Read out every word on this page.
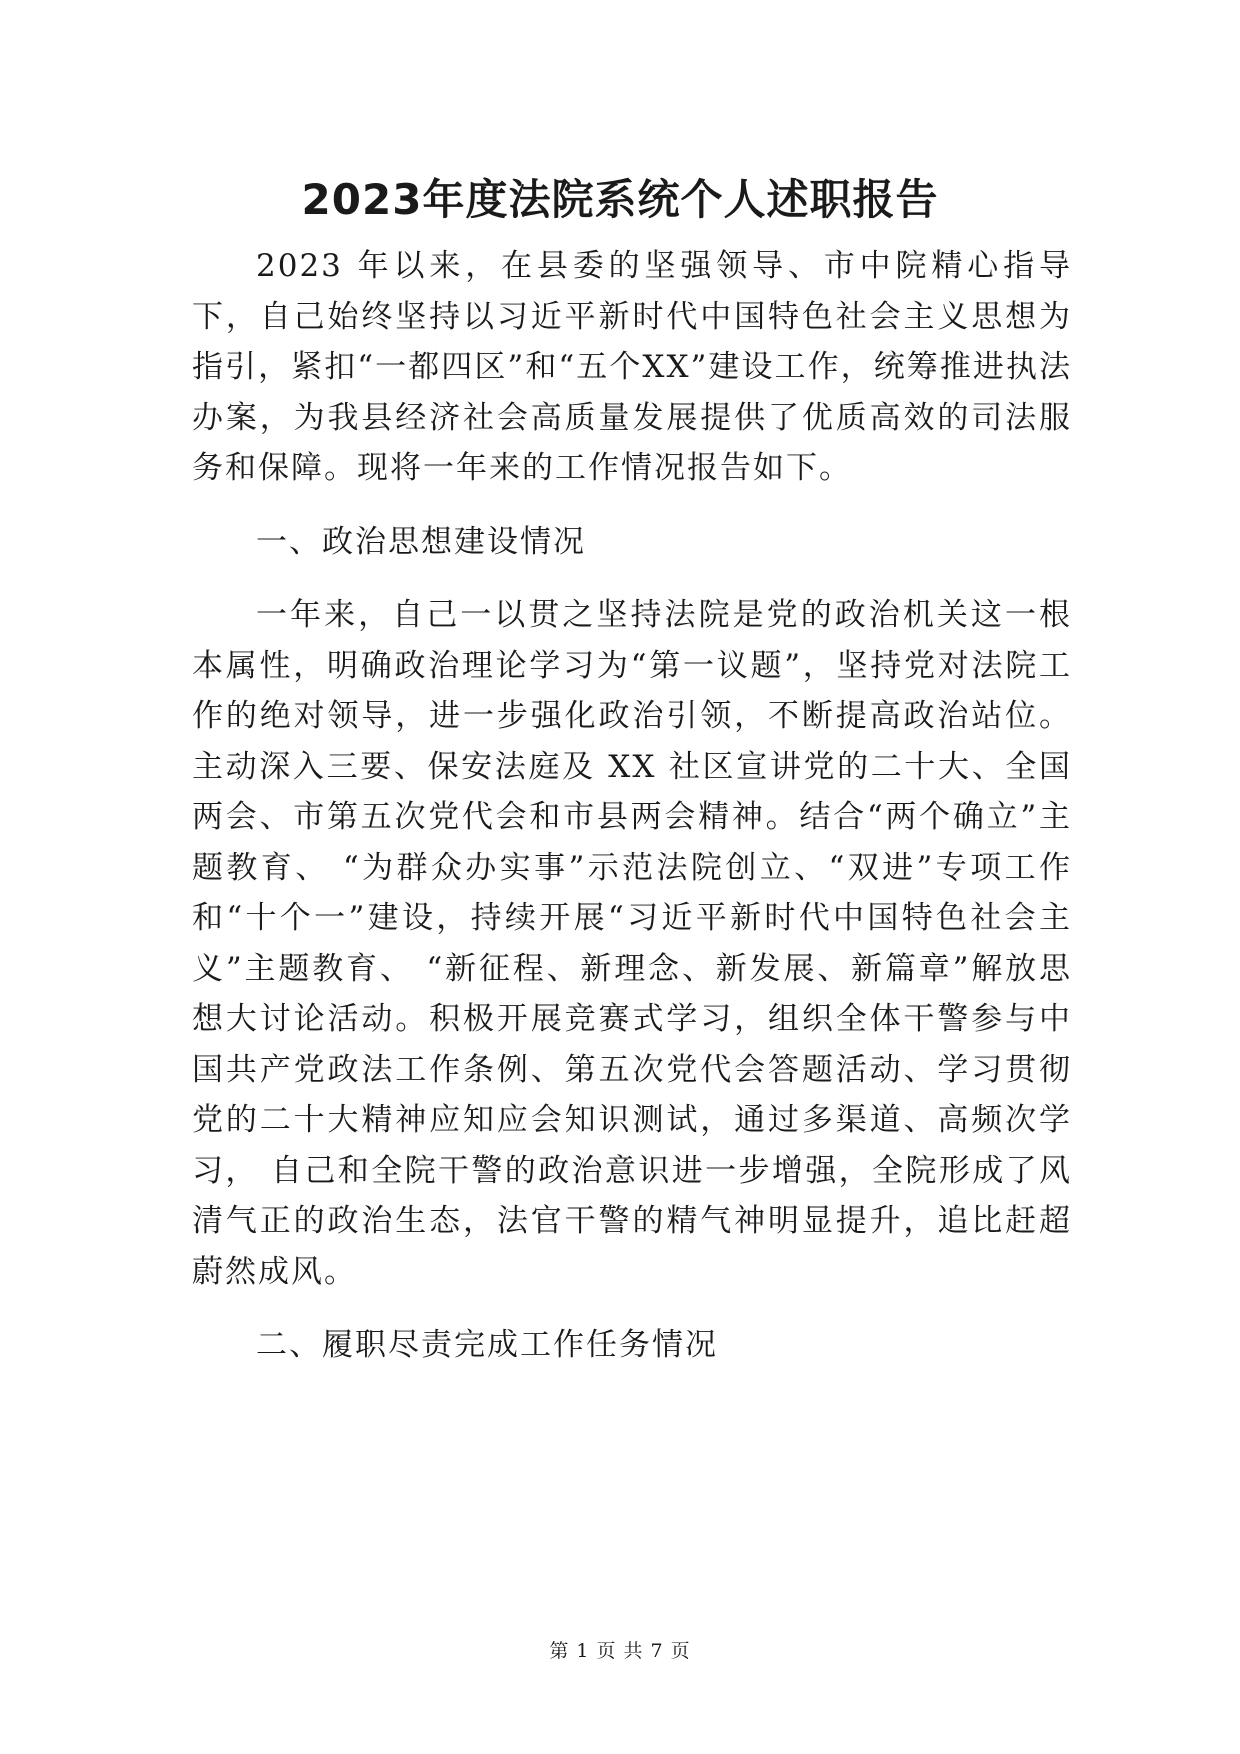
2023年度法院系统个人述职报告

2023 年以来，在县委的坚强领导、市中院精心指导下，自己始终坚持以习近平新时代中国特色社会主义思想为指引，紧扣“一都四区”和“五个XX”建设工作，统筹推进执法办案，为我县经济社会高质量发展提供了优质高效的司法服务和保障。现将一年来的工作情况报告如下。

一、政治思想建设情况

一年来，自己一以贯之坚持法院是党的政治机关这一根本属性，明确政治理论学习为“第一议题”，坚持党对法院工作的绝对领导，进一步强化政治引领，不断提高政治站位。主动深入三要、保安法庭及 XX 社区宣讲党的二十大、全国两会、市第五次党代会和市县两会精神。结合“两个确立”主题教育、 “为群众办实事”示范法院创立、“双进”专项工作和“十个一”建设，持续开展“习近平新时代中国特色社会主义”主题教育、 “新征程、新理念、新发展、新篇章”解放思想大讨论活动。积极开展竞赛式学习，组织全体干警参与中国共产党政法工作条例、第五次党代会答题活动、学习贯彻党的二十大精神应知应会知识测试，通过多渠道、高频次学习， 自己和全院干警的政治意识进一步增强，全院形成了风清气正的政治生态，法官干警的精气神明显提升，追比赶超蔚然成风。

二、履职尽责完成工作任务情况

第 1 页 共 7 页
